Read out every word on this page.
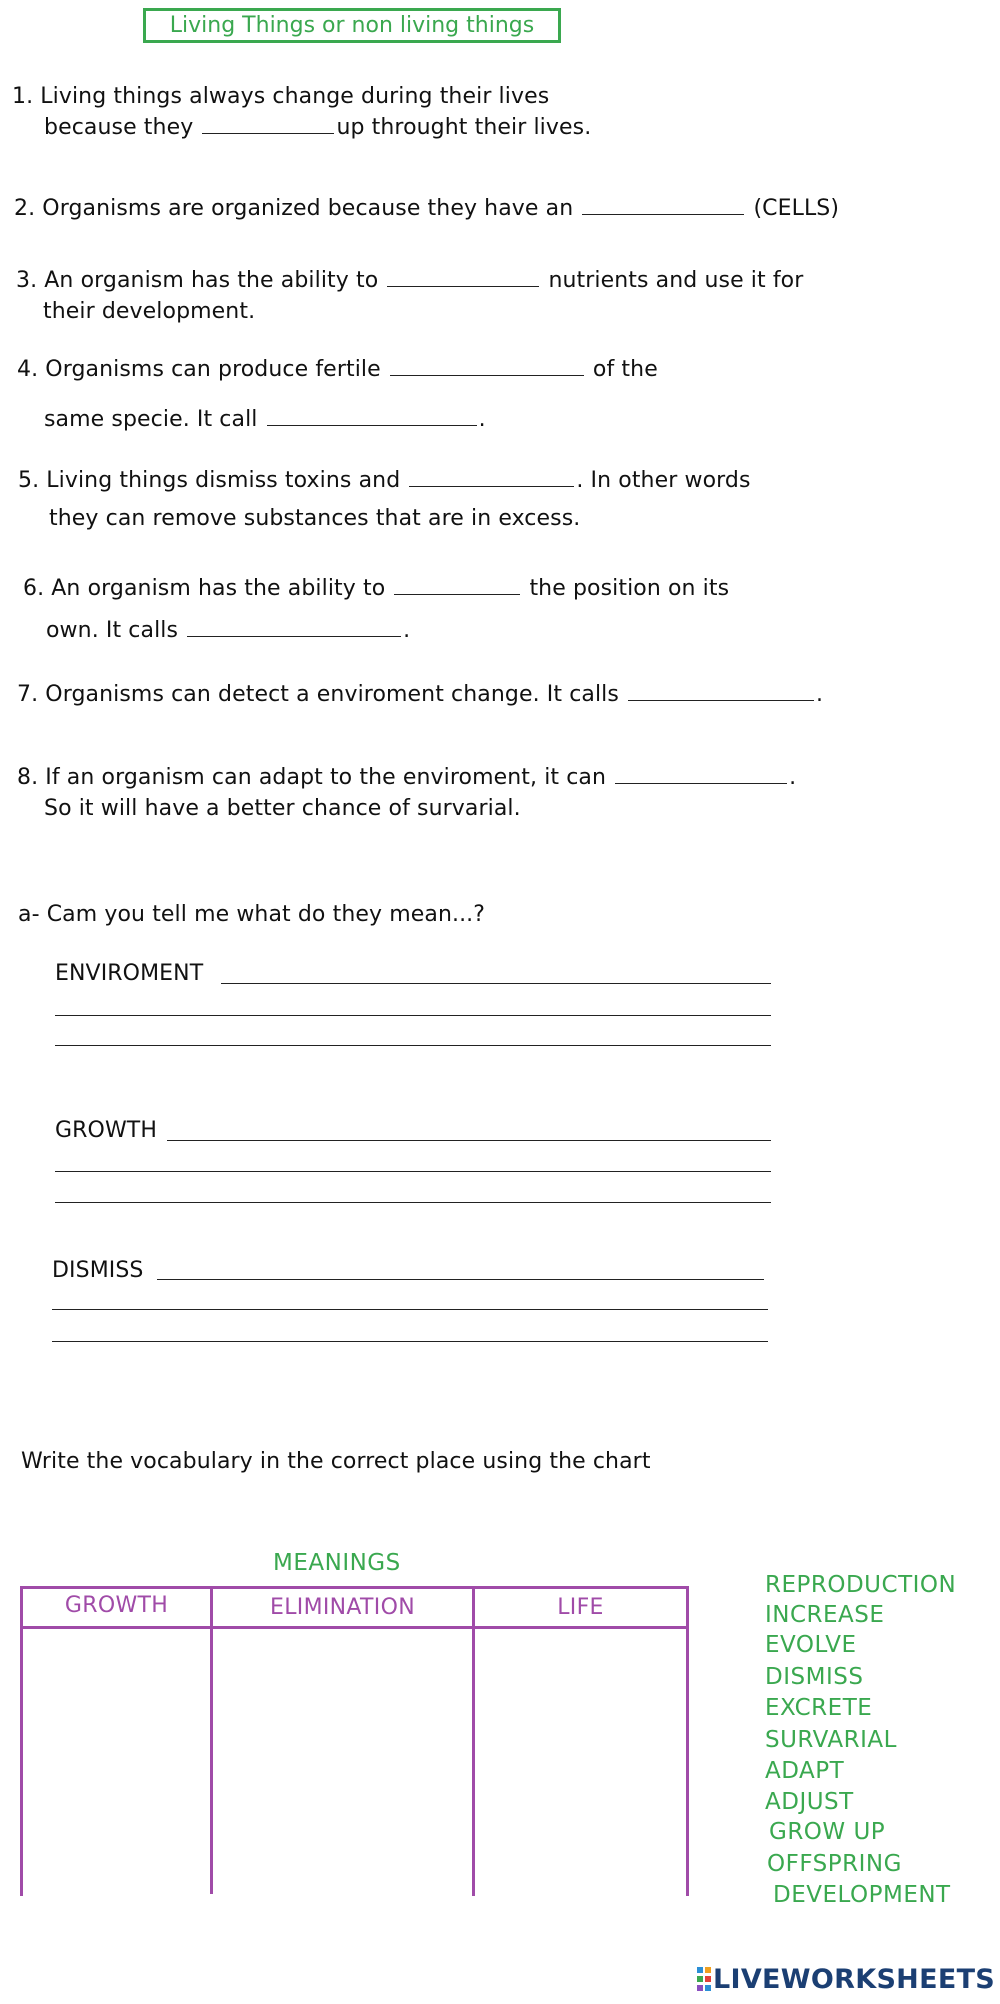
Living Things or non living things
1. Living things always change during their lives
because they	up throught their lives.
2. Organisms are organized because they have an	(CELLS)
3. An organism has the ability to	nutrients and use it for
their development.
4. Organisms can produce fertile	of the
same specie. It call	.
5. Living things dismiss toxins and	. In other words
they can remove substances that are in excess.
6. An organism has the ability to	the position on its
own. It calls	.
7. Organisms can detect a enviroment change. It calls	.
8. If an organism can adapt to the enviroment, it can	.
So it will have a better chance of survarial.
a- Cam you tell me what do they mean...?
ENVIROMENT
GROWTH
DISMISS
Write the vocabulary in the correct place using the chart
MEANINGS
GROWTH	ELIMINATION	LIFE
REPRODUCTION
INCREASE
EVOLVE
DISMISS
EXCRETE
SURVARIAL
ADAPT
ADJUST
GROW UP
OFFSPRING
DEVELOPMENT
LIVEWORKSHEETS
